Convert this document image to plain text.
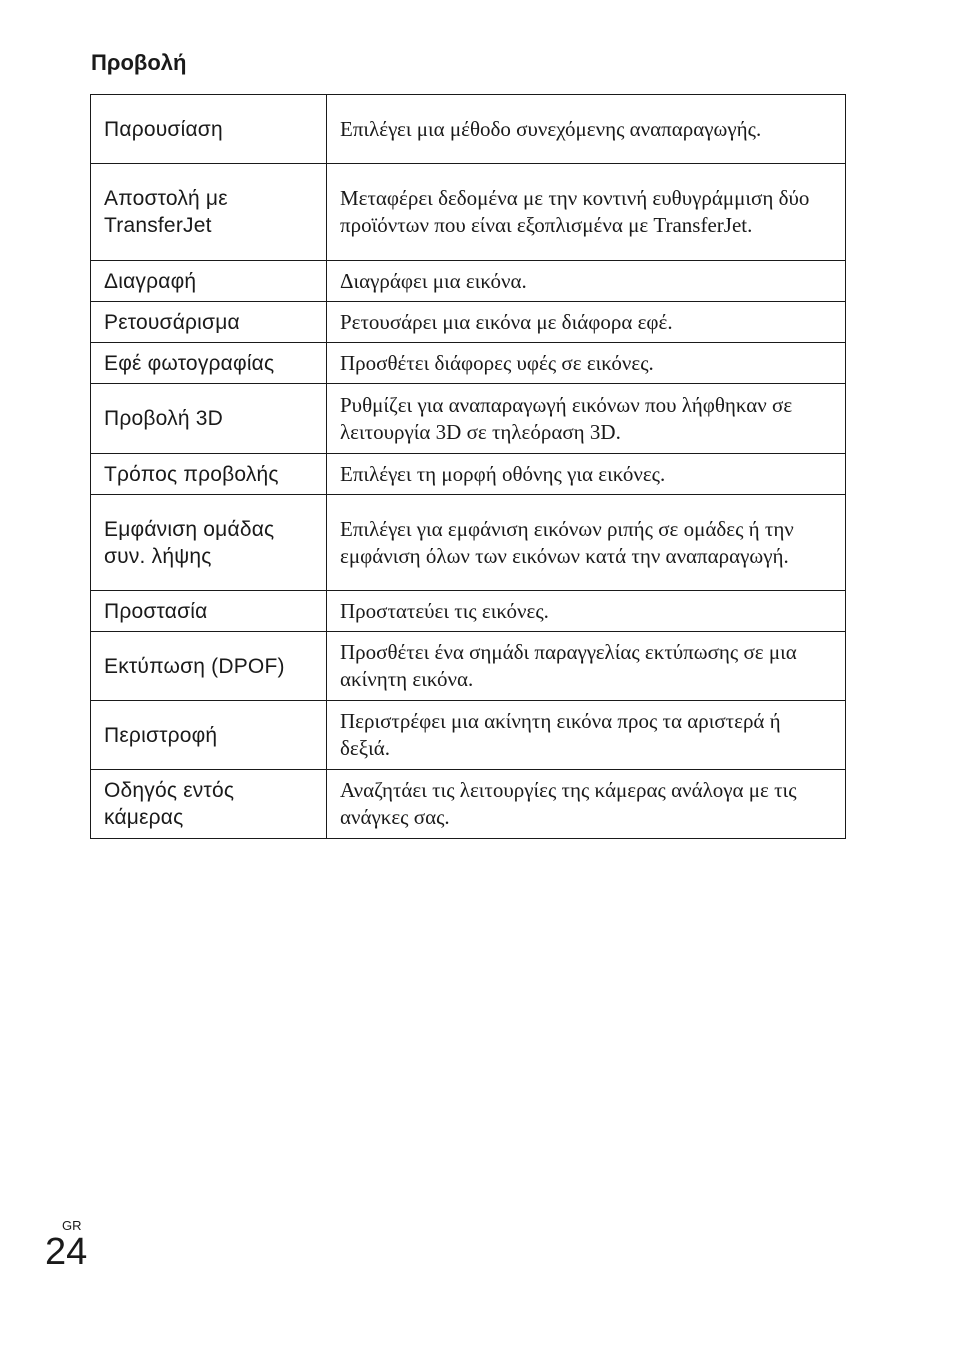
Προβολή
Παρουσίαση	Επιλέγει μια μέθοδο συνεχόμενης αναπαραγωγής.
Αποστολή με TransferJet	Μεταφέρει δεδομένα με την κοντινή ευθυγράμμιση δύο προϊόντων που είναι εξοπλισμένα με TransferJet.
Διαγραφή	Διαγράφει μια εικόνα.
Ρετουσάρισμα	Ρετουσάρει μια εικόνα με διάφορα εφέ.
Εφέ φωτογραφίας	Προσθέτει διάφορες υφές σε εικόνες.
Προβολή 3D	Ρυθμίζει για αναπαραγωγή εικόνων που λήφθηκαν σε λειτουργία 3D σε τηλεόραση 3D.
Τρόπος προβολής	Επιλέγει τη μορφή οθόνης για εικόνες.
Εμφάνιση ομάδας συν. λήψης	Επιλέγει για εμφάνιση εικόνων ριπής σε ομάδες ή την εμφάνιση όλων των εικόνων κατά την αναπαραγωγή.
Προστασία	Προστατεύει τις εικόνες.
Εκτύπωση (DPOF)	Προσθέτει ένα σημάδι παραγγελίας εκτύπωσης σε μια ακίνητη εικόνα.
Περιστροφή	Περιστρέφει μια ακίνητη εικόνα προς τα αριστερά ή δεξιά.
Οδηγός εντός κάμερας	Αναζητάει τις λειτουργίες της κάμερας ανάλογα με τις ανάγκες σας.
GR
24
